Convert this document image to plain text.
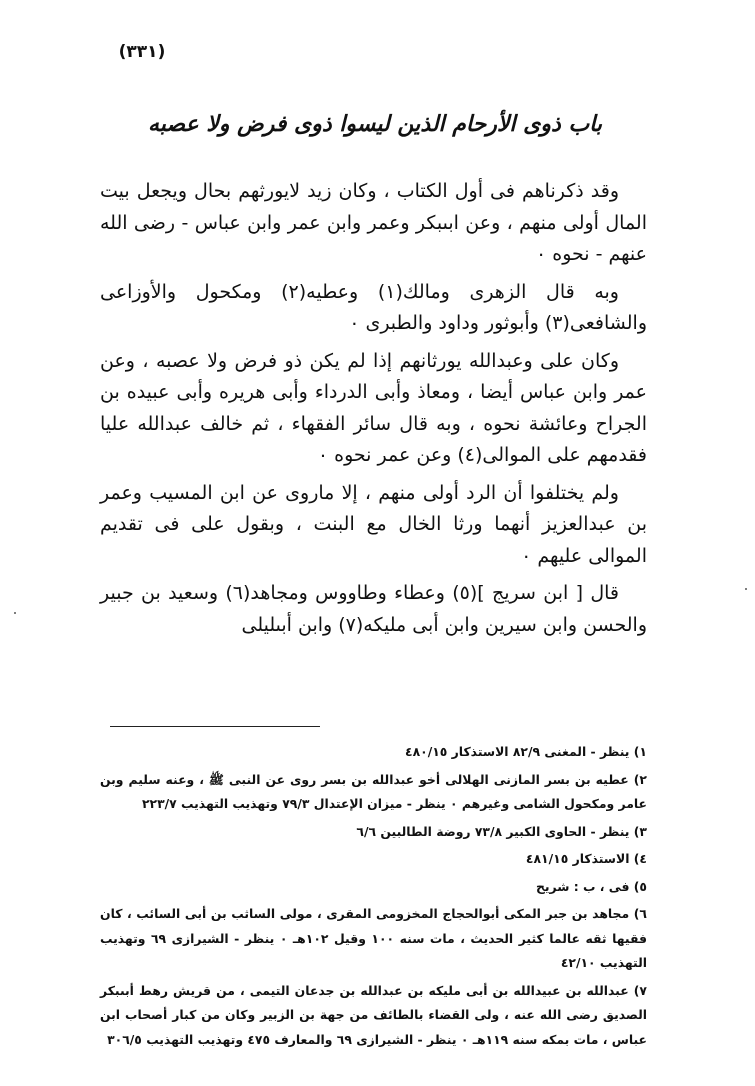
(٣٣١)
باب ذوى الأرحام الذين ليسوا ذوى فرض ولا عصبه

وقد ذكرناهم فى أول الكتاب ، وكان زيد لايورثهم بحال ويجعل بيت المال أولى منهم ، وعن ابىبكر وعمر وابن عمر وابن عباس - رضى الله عنهم - نحوه ٠

وبه قال الزهرى ومالك(١) وعطيه(٢) ومكحول والأوزاعى والشافعى(٣) وأبوثور وداود والطبرى ٠

وكان على وعبدالله يورثانهم إذا لم يكن ذو فرض ولا عصبه ، وعن عمر وابن عباس أيضا ، ومعاذ وأبى الدرداء وأبى هريره وأبى عبيده بن الجراح وعائشة نحوه ، وبه قال سائر الفقهاء ، ثم خالف عبدالله عليا فقدمهم على الموالى(٤) وعن عمر نحوه ٠

ولم يختلفوا أن الرد أولى منهم ، إلا ماروى عن ابن المسيب وعمر بن عبدالعزيز أنهما ورثا الخال مع البنت ، وبقول على فى تقديم الموالى عليهم ٠

قال [ ابن سريج ](٥) وعطاء وطاووس ومجاهد(٦) وسعيد بن جبير والحسن وابن سيرين وابن أبى مليكه(٧) وابن أبىليلى

١) ينظر - المغنى ٨٢/٩ الاستذكار ٤٨٠/١٥
٢) عطيه بن بسر المازنى الهلالى أخو عبدالله بن بسر روى عن النبى ﷺ ، وعنه سليم وبن عامر ومكحول الشامى وغيرهم ٠ ينظر - ميزان الإعتدال ٧٩/٣ وتهذيب التهذيب ٢٢٣/٧
٣) ينظر - الحاوى الكبير ٧٣/٨ روضة الطالبين ٦/٦
٤) الاستذكار ٤٨١/١٥
٥) فى ، ب : شريح
٦) مجاهد بن جبر المكى أبوالحجاج المخزومى المقرى ، مولى الساثب بن أبى السائب ، كان فقيها ثقه عالما كثير الحديث ، مات سنه ١٠٠ وقيل ١٠٢هـ ٠ ينظر - الشيرازى ٦٩ وتهذيب التهذيب ٤٢/١٠
٧) عبدالله بن عبيدالله بن أبى مليكه بن عبدالله بن جدعان التيمى ، من قريش رهط أبىبكر الصديق رضى الله عنه ، ولى القضاء بالطائف من جهة بن الزبير وكان من كبار أصحاب ابن عباس ، مات بمكه سنه ١١٩هـ ٠ ينظر - الشيرازى ٦٩ والمعارف ٤٧٥ وتهذيب التهذيب ٣٠٦/٥
